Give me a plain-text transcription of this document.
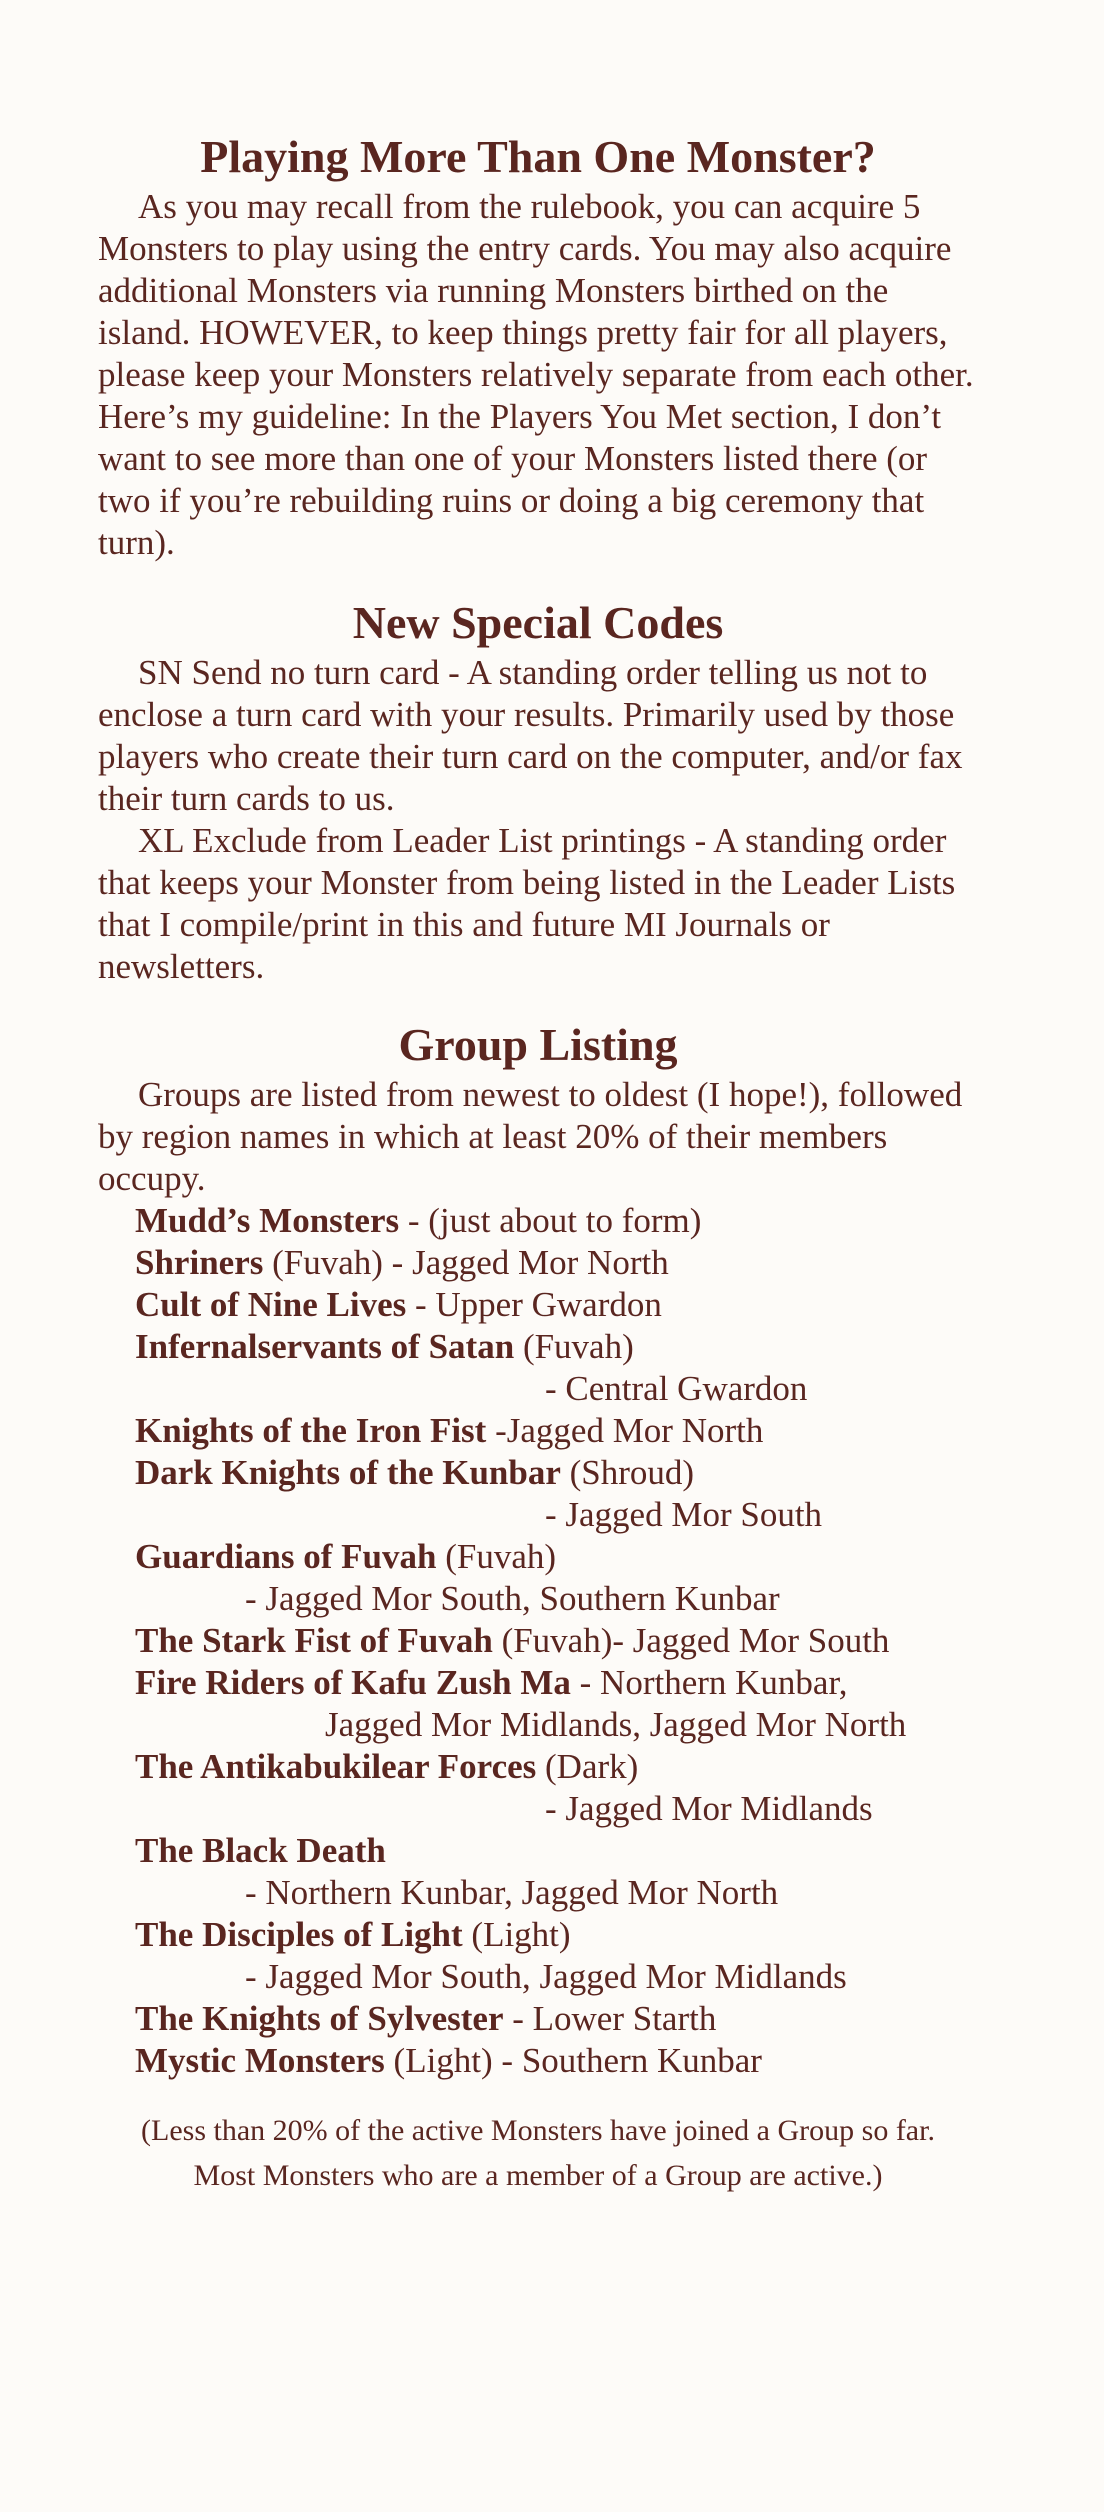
Playing More Than One Monster?

As you may recall from the rulebook, you can acquire 5 Monsters to play using the entry cards. You may also acquire additional Monsters via running Monsters birthed on the island. HOWEVER, to keep things pretty fair for all players, please keep your Monsters relatively separate from each other. Here’s my guideline: In the Players You Met section, I don’t want to see more than one of your Monsters listed there (or two if you’re rebuilding ruins or doing a big ceremony that turn).

New Special Codes

SN Send no turn card - A standing order telling us not to enclose a turn card with your results. Primarily used by those players who create their turn card on the computer, and/or fax their turn cards to us.

XL Exclude from Leader List printings - A standing order that keeps your Monster from being listed in the Leader Lists that I compile/print in this and future MI Journals or newsletters.

Group Listing

Groups are listed from newest to oldest (I hope!), followed by region names in which at least 20% of their members occupy.

Mudd’s Monsters - (just about to form)
Shriners (Fuvah) - Jagged Mor North
Cult of Nine Lives - Upper Gwardon
Infernalservants of Satan (Fuvah)
- Central Gwardon
Knights of the Iron Fist -Jagged Mor North
Dark Knights of the Kunbar (Shroud)
- Jagged Mor South
Guardians of Fuvah (Fuvah)
- Jagged Mor South, Southern Kunbar
The Stark Fist of Fuvah (Fuvah)- Jagged Mor South
Fire Riders of Kafu Zush Ma - Northern Kunbar,
Jagged Mor Midlands, Jagged Mor North
The Antikabukilear Forces (Dark)
- Jagged Mor Midlands
The Black Death
- Northern Kunbar, Jagged Mor North
The Disciples of Light (Light)
- Jagged Mor South, Jagged Mor Midlands
The Knights of Sylvester - Lower Starth
Mystic Monsters (Light) - Southern Kunbar
(Less than 20% of the active Monsters have joined a Group so far.
Most Monsters who are a member of a Group are active.)
